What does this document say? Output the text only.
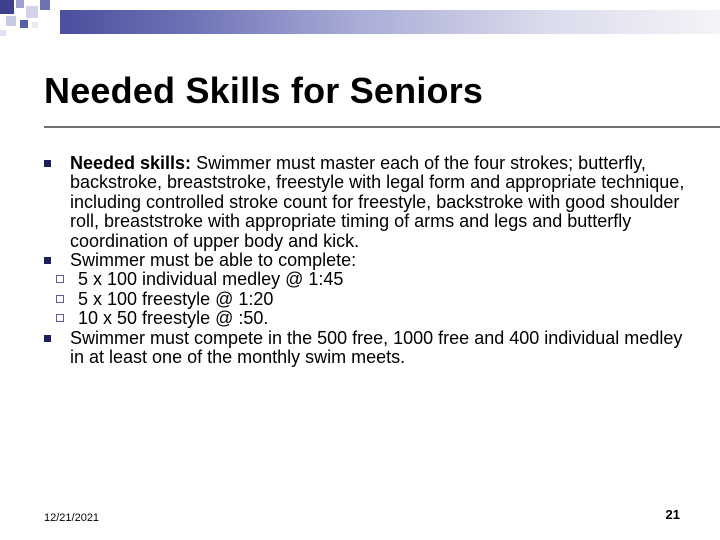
Needed Skills for Seniors
Needed skills: Swimmer must master each of the four strokes; butterfly, backstroke, breaststroke, freestyle with legal form and appropriate technique, including controlled stroke count for freestyle, backstroke with good shoulder roll, breaststroke with appropriate timing of arms and legs and butterfly coordination of upper body and kick.
Swimmer must be able to complete:
5 x 100 individual medley @ 1:45
5 x 100 freestyle @ 1:20
10 x 50 freestyle @ :50.
Swimmer must compete in the 500 free, 1000 free and 400 individual medley in at least one of the monthly swim meets.
12/21/2021	21
